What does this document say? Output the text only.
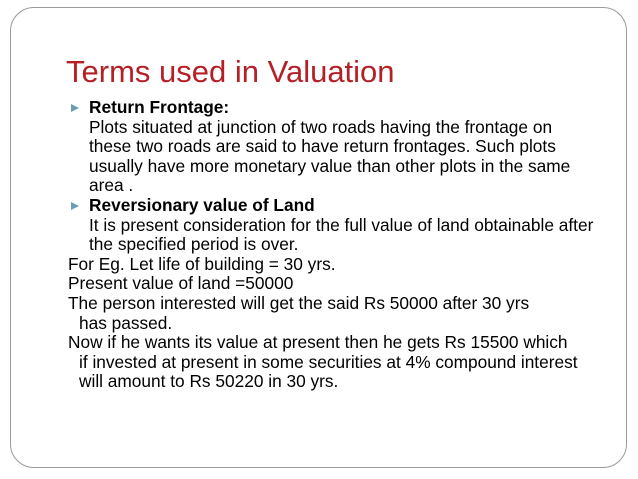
Terms used in Valuation
Return Frontage:
Plots situated at junction of two roads having the frontage on these two roads are said to have return frontages. Such plots usually have more monetary value than other plots in the same area .
Reversionary value of Land
It is present consideration for the full value of land obtainable after the specified period is over.
For Eg. Let life of building = 30 yrs.
Present value of land =50000
The person interested will get the said Rs 50000 after 30 yrs has passed.
Now if he wants its value at present then he gets Rs 15500 which if invested at present in some securities at 4% compound interest will amount to Rs 50220 in 30 yrs.
